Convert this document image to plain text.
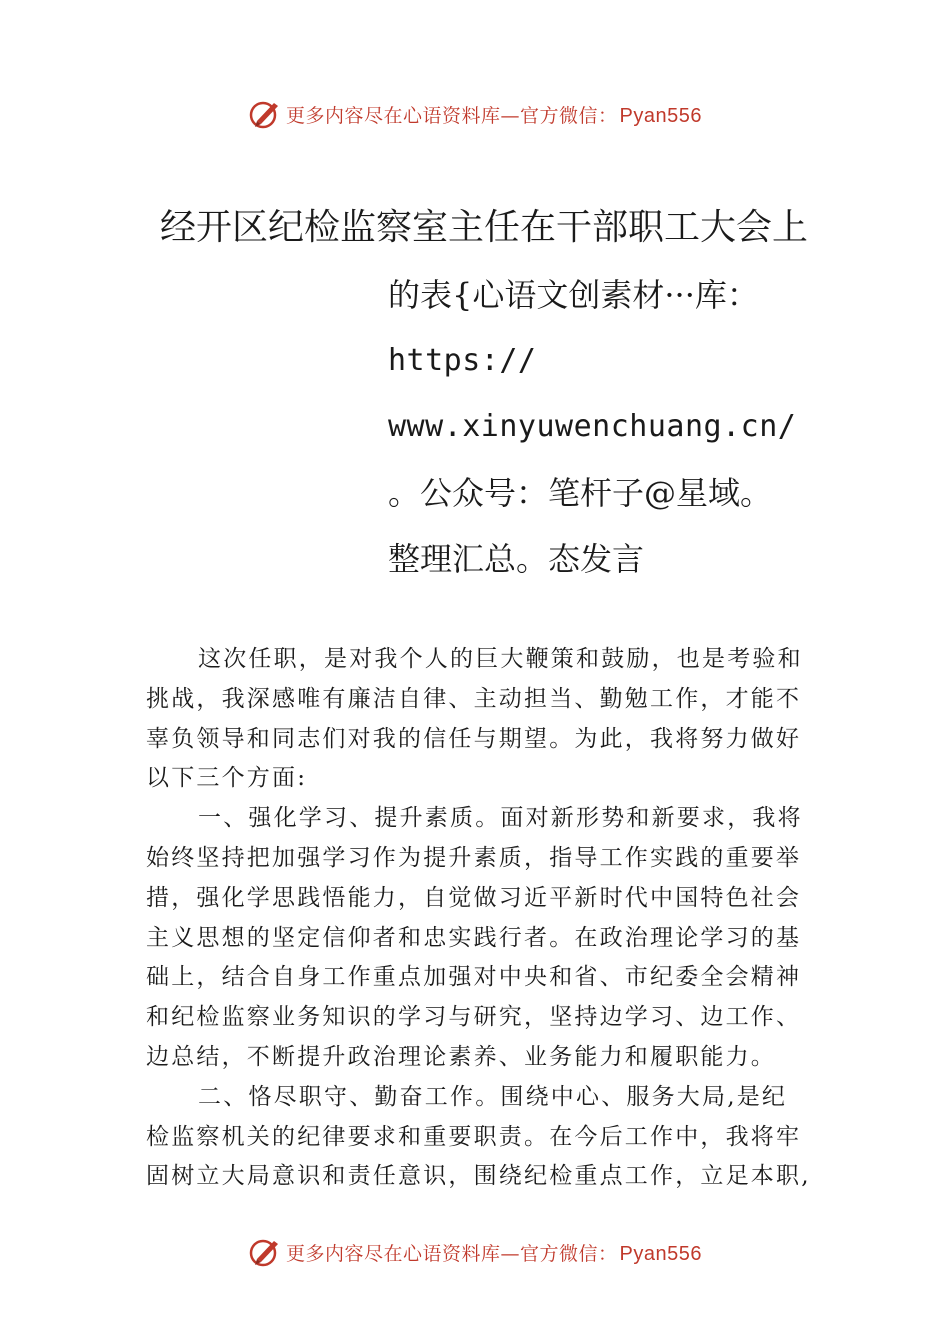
更多内容尽在心语资料库—官方微信： Pyan556
经开区纪检监察室主任在干部职工大会上
的表{心语文创素材···库：
https://
www.xinyuwenchuang.cn/
。公众号：笔杆子@星域。
整理汇总。态发言
这次任职，是对我个人的巨大鞭策和鼓励，也是考验和
挑战，我深感唯有廉洁自律、主动担当、勤勉工作，才能不
辜负领导和同志们对我的信任与期望。为此，我将努力做好
以下三个方面:
一、强化学习、提升素质。面对新形势和新要求，我将
始终坚持把加强学习作为提升素质，指导工作实践的重要举
措，强化学思践悟能力，自觉做习近平新时代中国特色社会
主义思想的坚定信仰者和忠实践行者。在政治理论学习的基
础上，结合自身工作重点加强对中央和省、市纪委全会精神
和纪检监察业务知识的学习与研究，坚持边学习、边工作、
边总结，不断提升政治理论素养、业务能力和履职能力。
二、恪尽职守、勤奋工作。围绕中心、服务大局,是纪
检监察机关的纪律要求和重要职责。在今后工作中，我将牢
固树立大局意识和责任意识，围绕纪检重点工作，立足本职,
更多内容尽在心语资料库—官方微信： Pyan556
